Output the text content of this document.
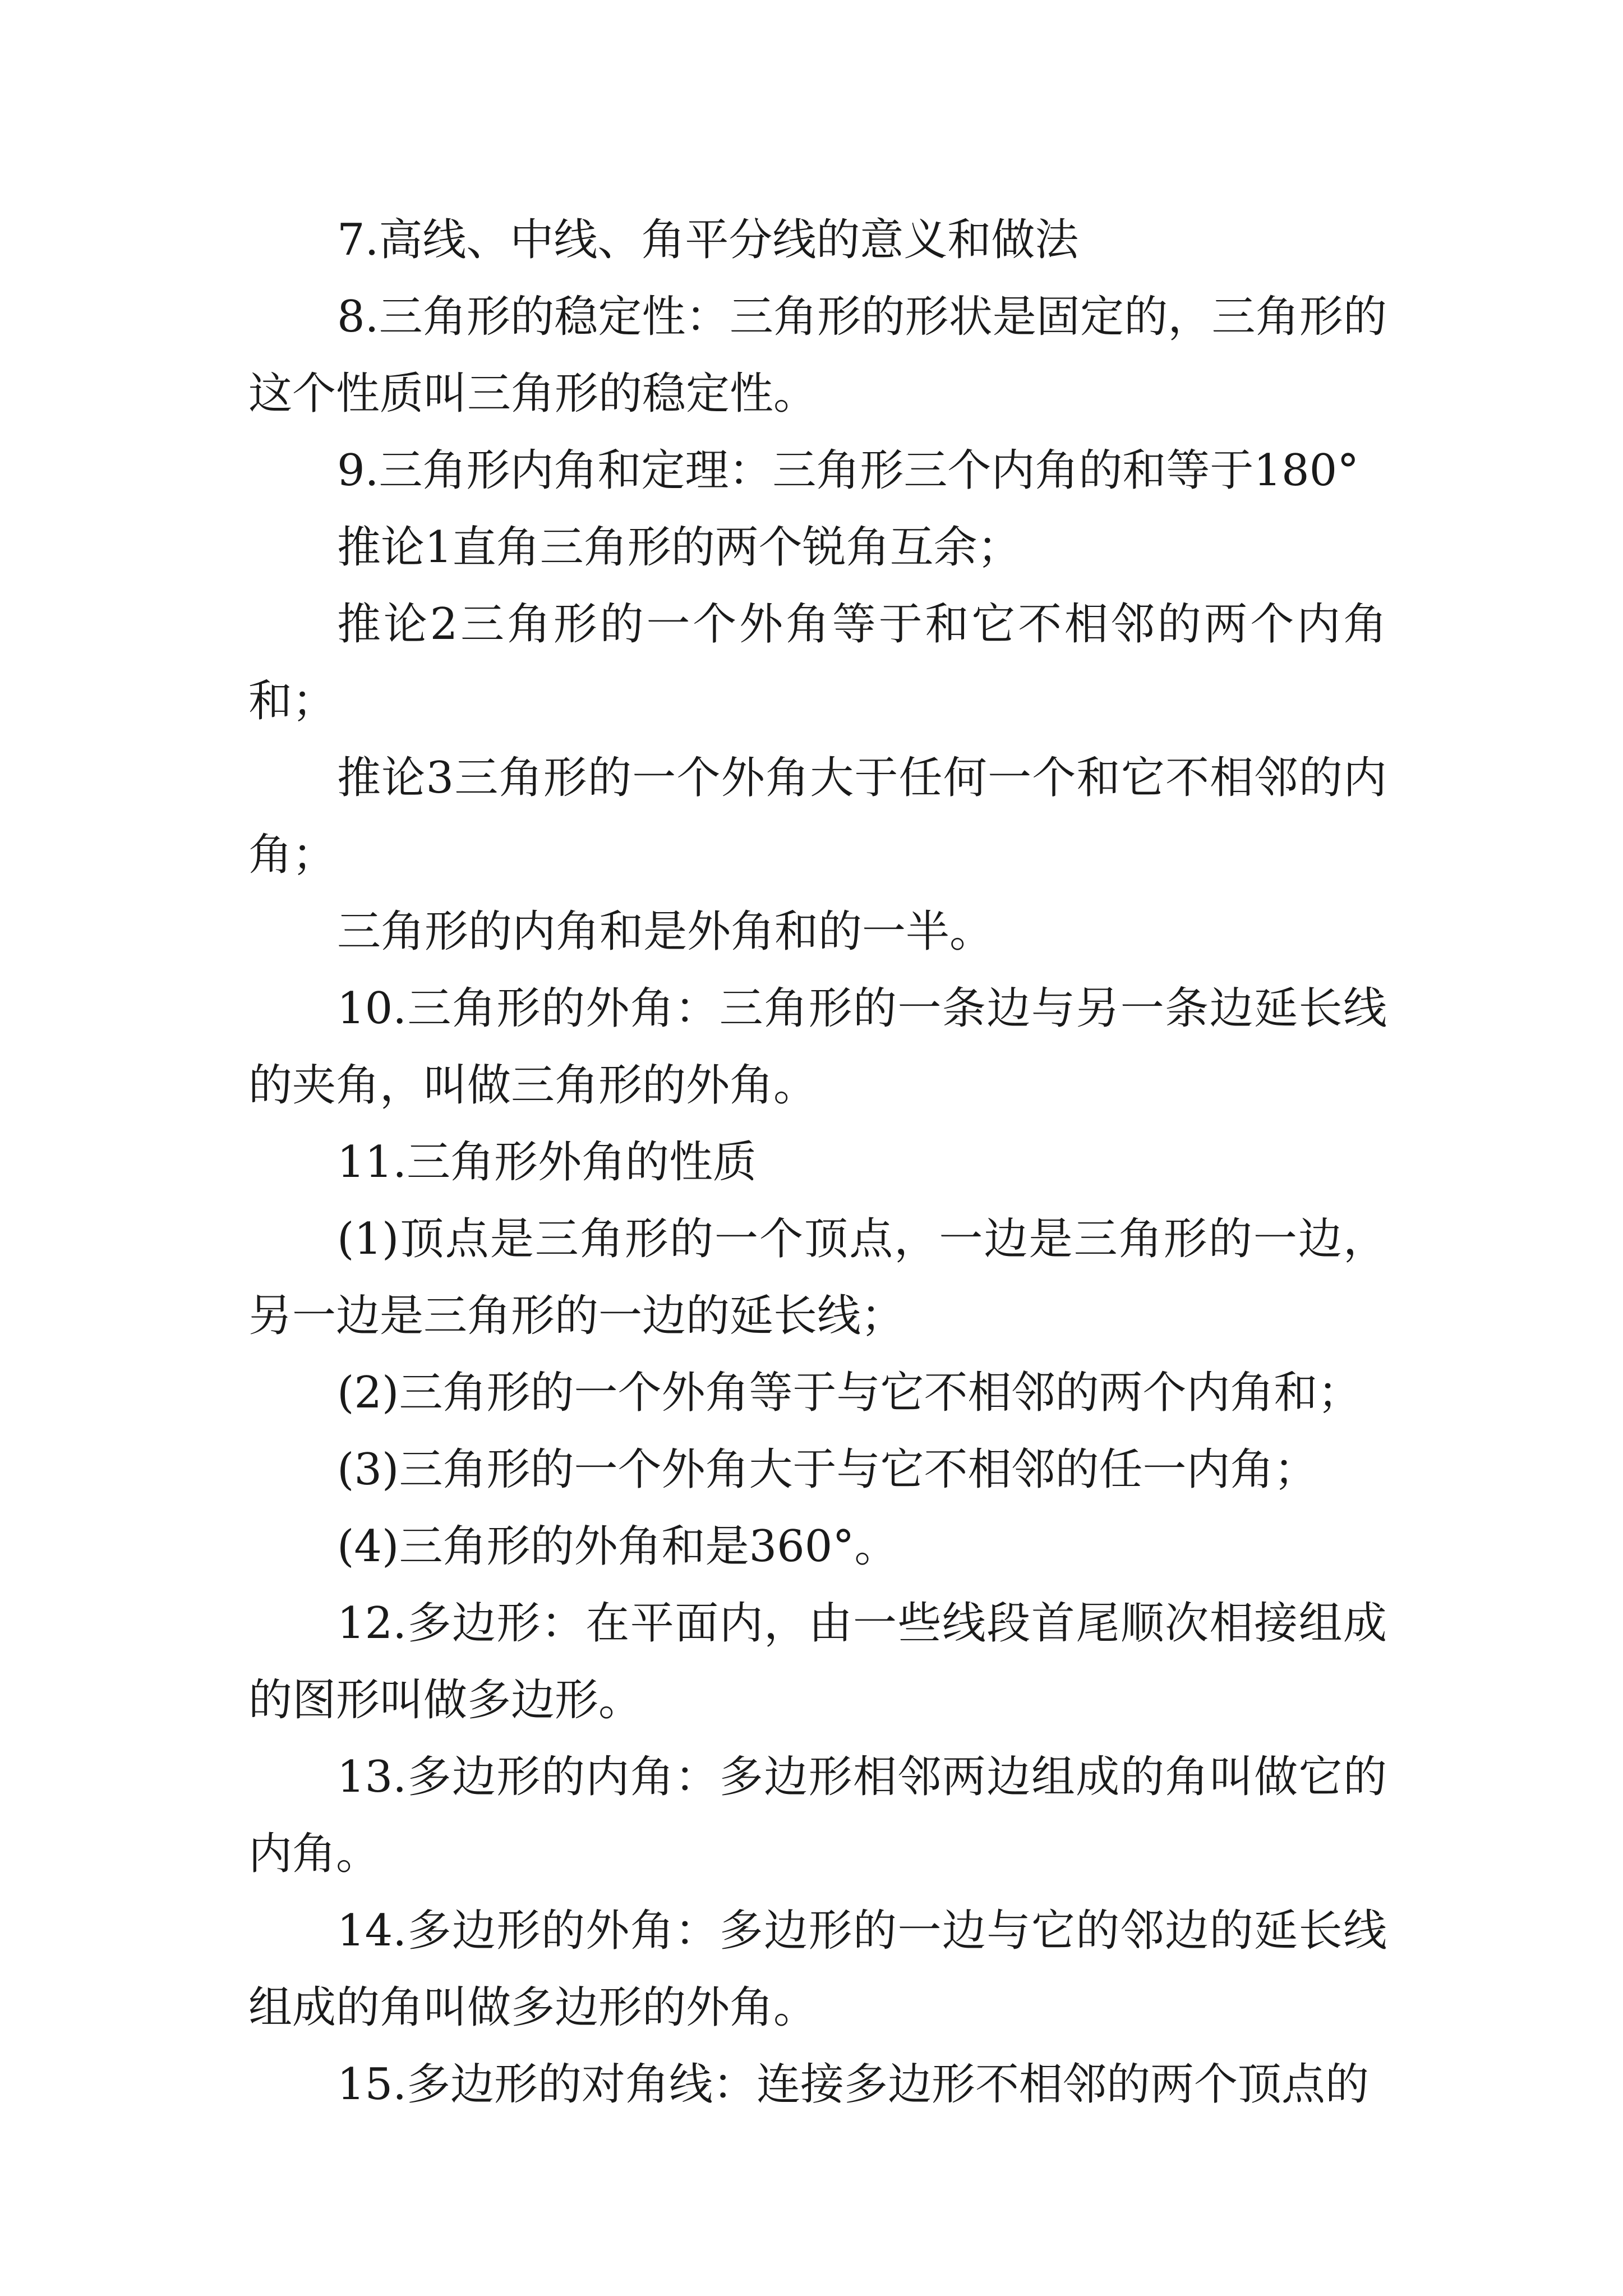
7.高线、中线、角平分线的意义和做法

8.三角形的稳定性：三角形的形状是固定的，三角形的这个性质叫三角形的稳定性。

9.三角形内角和定理：三角形三个内角的和等于180°

推论1直角三角形的两个锐角互余；

推论2三角形的一个外角等于和它不相邻的两个内角和；

推论3三角形的一个外角大于任何一个和它不相邻的内角；

三角形的内角和是外角和的一半。

10.三角形的外角：三角形的一条边与另一条边延长线的夹角，叫做三角形的外角。

11.三角形外角的性质

(1)顶点是三角形的一个顶点，一边是三角形的一边，另一边是三角形的一边的延长线；

(2)三角形的一个外角等于与它不相邻的两个内角和；

(3)三角形的一个外角大于与它不相邻的任一内角；

(4)三角形的外角和是360°。

12.多边形：在平面内，由一些线段首尾顺次相接组成的图形叫做多边形。

13.多边形的内角：多边形相邻两边组成的角叫做它的内角。

14.多边形的外角：多边形的一边与它的邻边的延长线组成的角叫做多边形的外角。

15.多边形的对角线：连接多边形不相邻的两个顶点的
